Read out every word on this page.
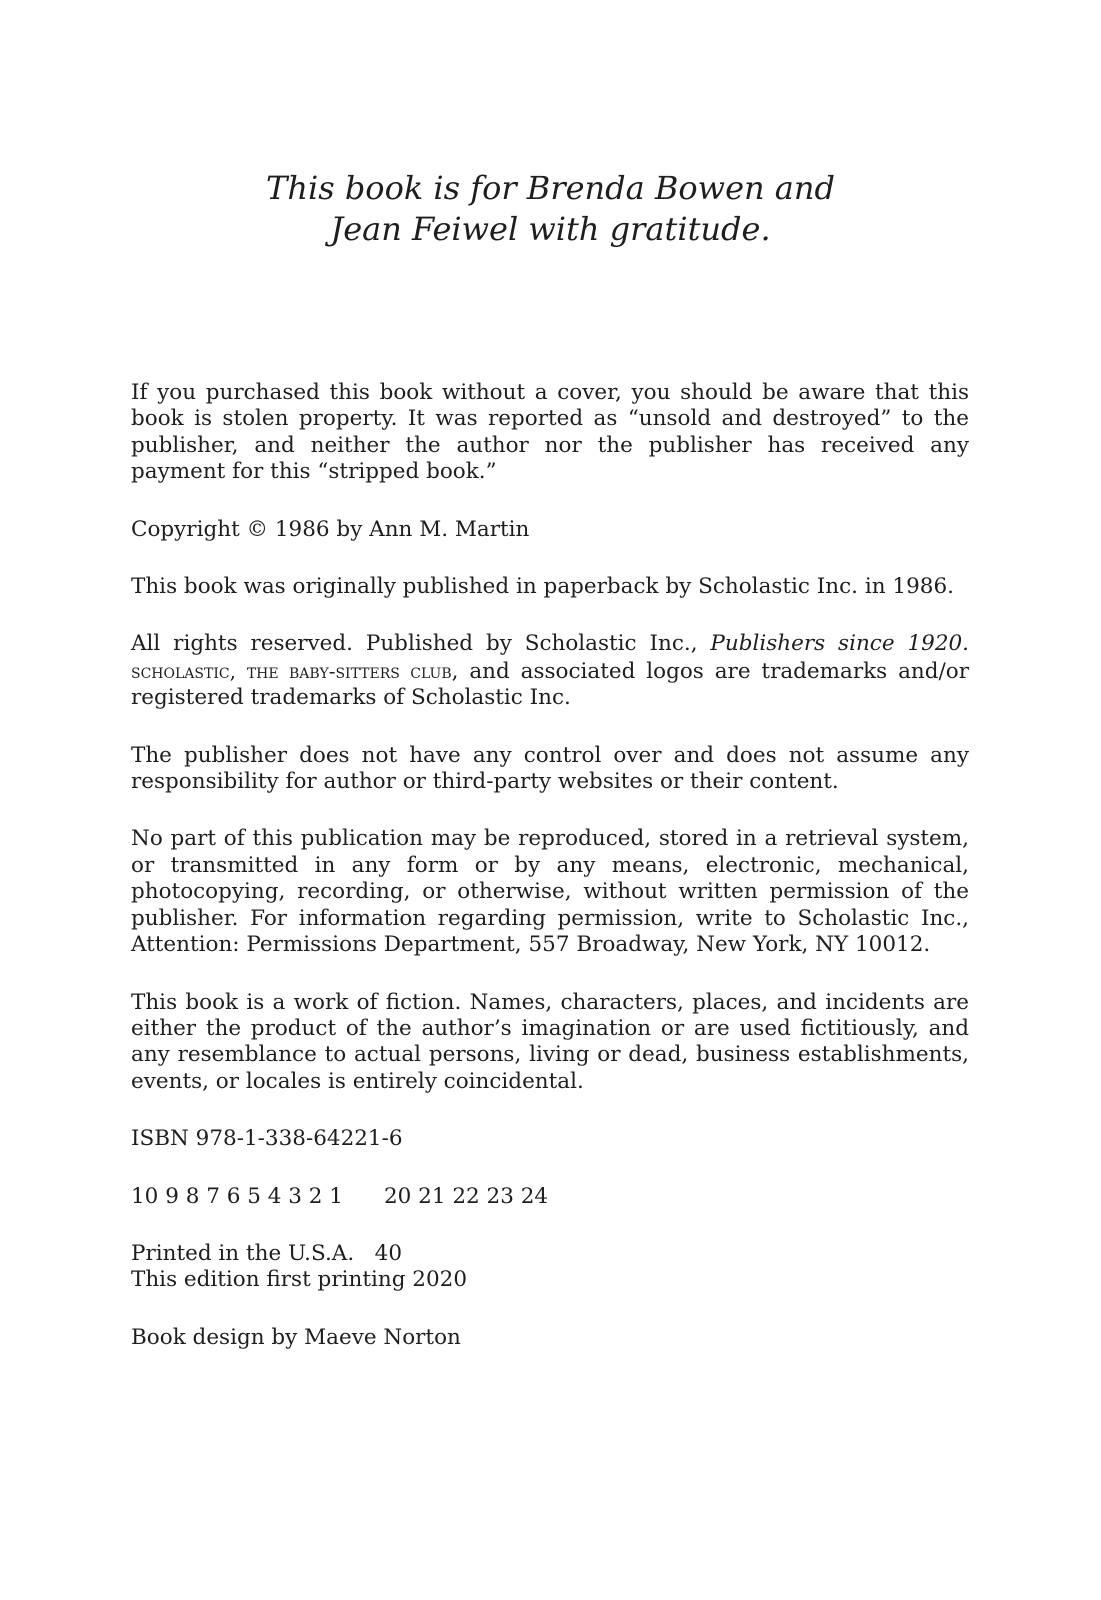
This book is for Brenda Bowen and
Jean Feiwel with gratitude.

If you purchased this book without a cover, you should be aware that this book is stolen property. It was reported as “unsold and destroyed” to the publisher, and neither the author nor the publisher has received any payment for this “stripped book.”

Copyright © 1986 by Ann M. Martin

This book was originally published in paperback by Scholastic Inc. in 1986.

All rights reserved. Published by Scholastic Inc., Publishers since 1920. scholastic, the baby-sitters club, and associated logos are trademarks and/or registered trademarks of Scholastic Inc.

The publisher does not have any control over and does not assume any responsibility for author or third-party websites or their content.

No part of this publication may be reproduced, stored in a retrieval system, or transmitted in any form or by any means, electronic, mechanical, photocopying, recording, or otherwise, without written permission of the publisher. For information regarding permission, write to Scholastic Inc., Attention: Permissions Department, 557 Broadway, New York, NY 10012.

This book is a work of fiction. Names, characters, places, and incidents are either the product of the author’s imagination or are used fictitiously, and any resemblance to actual persons, living or dead, business establishments, events, or locales is entirely coincidental.

ISBN 978-1-338-64221-6

10 9 8 7 6 5 4 3 2 1      20 21 22 23 24

Printed in the U.S.A.   40
This edition first printing 2020

Book design by Maeve Norton
